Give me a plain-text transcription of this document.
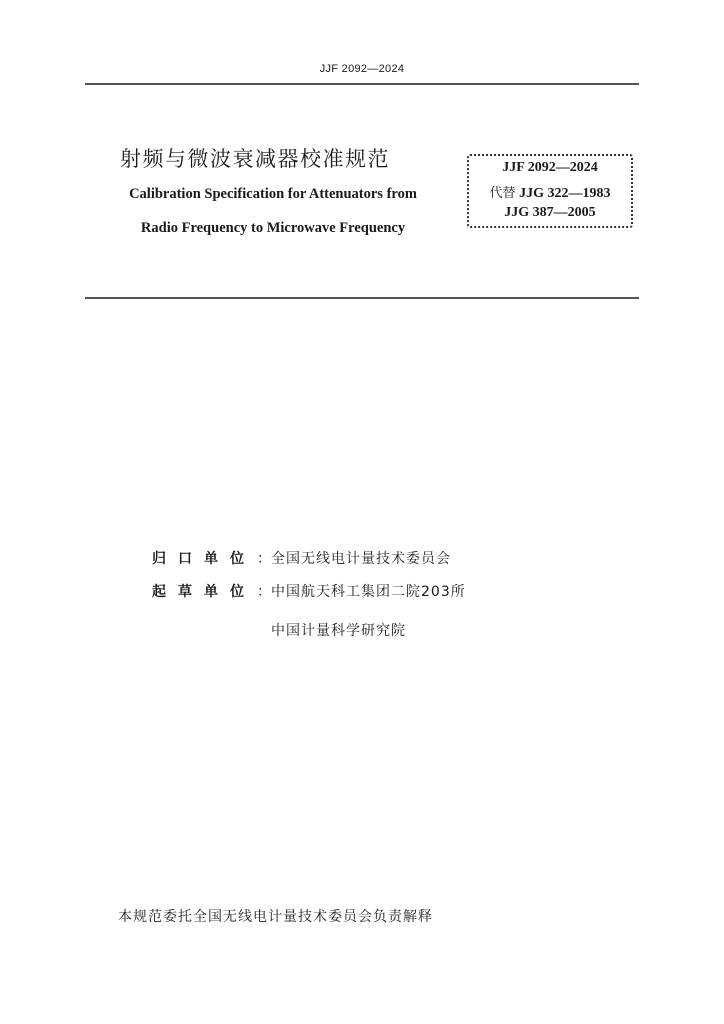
JJF 2092—2024
射频与微波衰减器校准规范
Calibration Specification for Attenuators from
Radio Frequency to Microwave Frequency
JJF 2092—2024
代替 JJG 322—1983
JJG 387—2005
归口单位 ： 全国无线电计量技术委员会
起草单位 ： 中国航天科工集团二院203所
中国计量科学研究院
本规范委托全国无线电计量技术委员会负责解释
